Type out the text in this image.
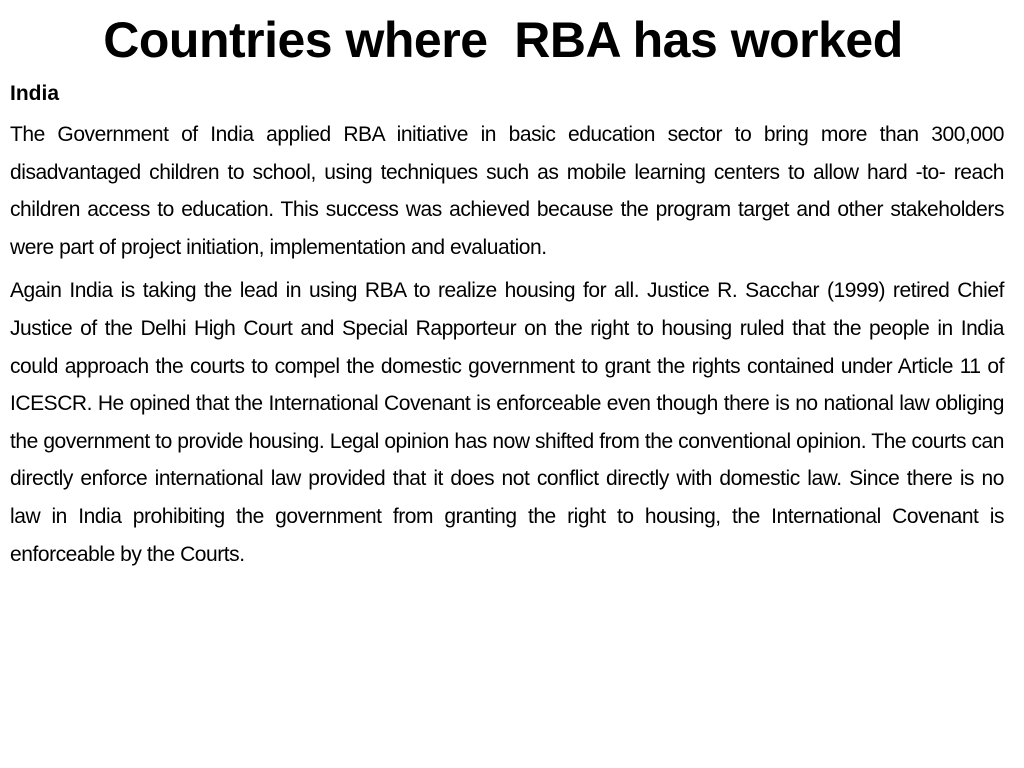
Countries where  RBA has worked

India

The Government of India applied RBA initiative in basic education sector to bring more than 300,000 disadvantaged children to school, using techniques such as mobile learning centers to allow hard -to- reach children access to education. This success was achieved because the program target and other stakeholders were part of project initiation, implementation and evaluation.

Again India is taking the lead in using RBA to realize housing for all. Justice R. Sacchar (1999) retired Chief Justice of the Delhi High Court and Special Rapporteur on the right to housing ruled that the people in India could approach the courts to compel the domestic government to grant the rights contained under Article 11 of ICESCR. He opined that the International Covenant is enforceable even though there is no national law obliging the government to provide housing. Legal opinion has now shifted from the conventional opinion. The courts can directly enforce international law provided that it does not conflict directly with domestic law. Since there is no law in India prohibiting the government from granting the right to housing, the International Covenant is enforceable by the Courts.
